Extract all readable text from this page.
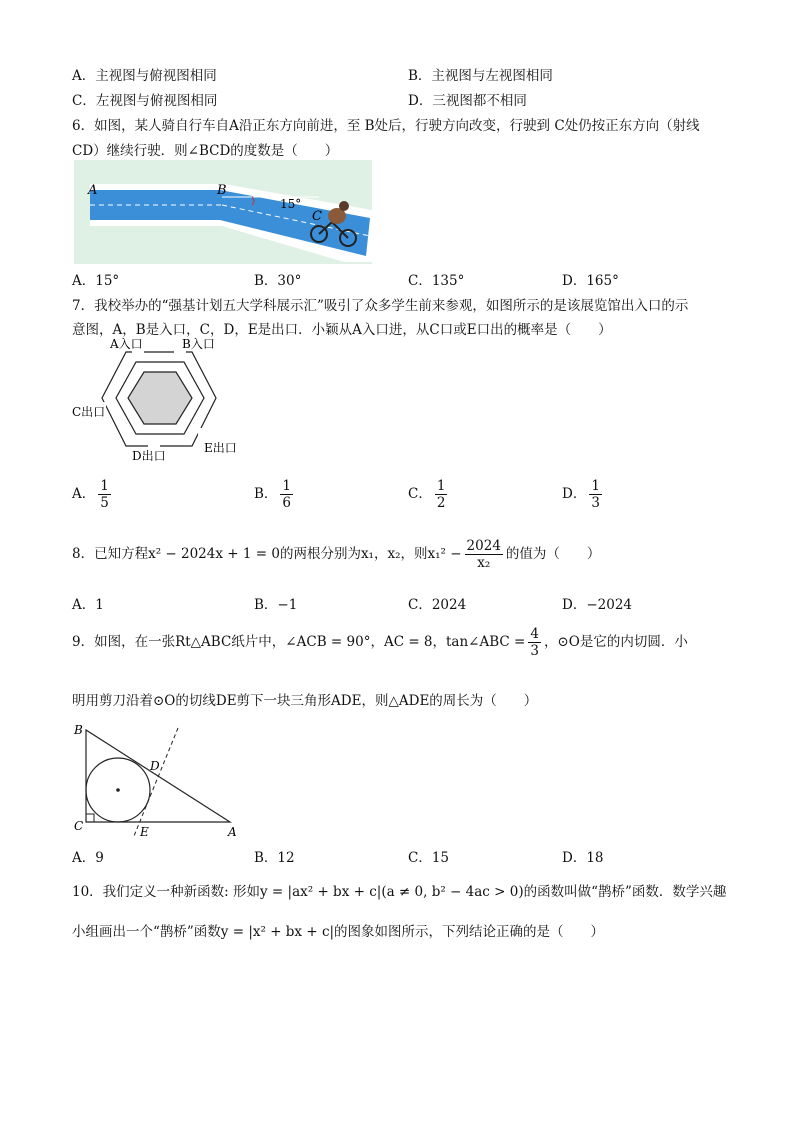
A．主视图与俯视图相同	B．主视图与左视图相同
C．左视图与俯视图相同	D．三视图都不相同
6．如图，某人骑自行车自A沿正东方向前进，至 B处后，行驶方向改变，行驶到 C处仍按正东方向（射线
CD）继续行驶．则∠BCD的度数是（　　）
A	B
15°
C
A．15°	B．30°	C．135°	D．165°
7．我校举办的“强基计划五大学科展示汇”吸引了众多学生前来参观，如图所示的是该展览馆出入口的示
意图，A，B是入口，C，D，E是出口．小颖从A入口进，从C口或E口出的概率是（　　）
A入口	B入口
C出口
D出口
E出口
A． $\frac{1}{5}$	B． $\frac{1}{6}$	C． $\frac{1}{2}$	D． $\frac{1}{3}$
8．已知方程x² − 2024x + 1 = 0的两根分别为x₁，x₂，则$x_1^2 - \frac{2024}{\text{x₂}}$ 的值为（　　）
A．1	B．−1	C．2024	D．−2024
9．如图，在一张Rt△ABC纸片中，∠ACB = 90°，AC = 8，tan∠ABC = $\frac{4}{3}$ ，⊙O是它的内切圆．小
明用剪刀沿着⊙O的切线DE剪下一块三角形ADE，则△ADE的周长为（　　）
B
D
C	E	A
A．9	B．12	C．15	D．18
10．我们定义一种新函数: 形如y = |ax² + bx + c|(a ≠ 0, b² − 4ac > 0)的函数叫做“鹊桥”函数．数学兴趣
小组画出一个“鹊桥”函数y = |x² + bx + c|的图象如图所示，下列结论正确的是（　　）
